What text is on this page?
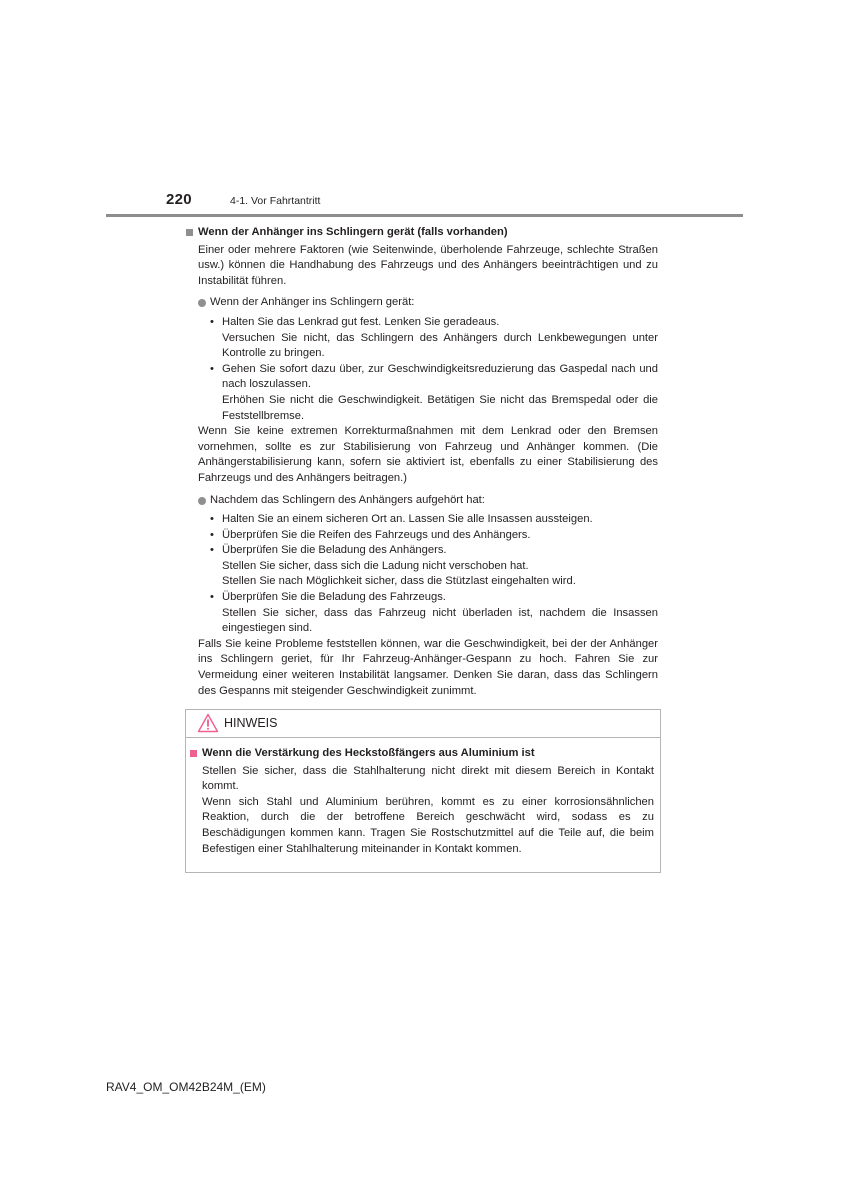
220	4-1. Vor Fahrtantritt

Wenn der Anhänger ins Schlingern gerät (falls vorhanden)

Einer oder mehrere Faktoren (wie Seitenwinde, überholende Fahrzeuge, schlechte Straßen usw.) können die Handhabung des Fahrzeugs und des Anhängers beeinträchtigen und zu Instabilität führen.

Wenn der Anhänger ins Schlingern gerät:
• Halten Sie das Lenkrad gut fest. Lenken Sie geradeaus.
Versuchen Sie nicht, das Schlingern des Anhängers durch Lenkbewegungen unter Kontrolle zu bringen.
• Gehen Sie sofort dazu über, zur Geschwindigkeitsreduzierung das Gaspedal nach und nach loszulassen.
Erhöhen Sie nicht die Geschwindigkeit. Betätigen Sie nicht das Bremspedal oder die Feststellbremse.

Wenn Sie keine extremen Korrekturmaßnahmen mit dem Lenkrad oder den Bremsen vornehmen, sollte es zur Stabilisierung von Fahrzeug und Anhänger kommen. (Die Anhängerstabilisierung kann, sofern sie aktiviert ist, ebenfalls zu einer Stabilisierung des Fahrzeugs und des Anhängers beitragen.)

Nachdem das Schlingern des Anhängers aufgehört hat:
• Halten Sie an einem sicheren Ort an. Lassen Sie alle Insassen aussteigen.
• Überprüfen Sie die Reifen des Fahrzeugs und des Anhängers.
• Überprüfen Sie die Beladung des Anhängers.
Stellen Sie sicher, dass sich die Ladung nicht verschoben hat.
Stellen Sie nach Möglichkeit sicher, dass die Stützlast eingehalten wird.
• Überprüfen Sie die Beladung des Fahrzeugs.
Stellen Sie sicher, dass das Fahrzeug nicht überladen ist, nachdem die Insassen eingestiegen sind.

Falls Sie keine Probleme feststellen können, war die Geschwindigkeit, bei der der Anhänger ins Schlingern geriet, für Ihr Fahrzeug-Anhänger-Gespann zu hoch. Fahren Sie zur Vermeidung einer weiteren Instabilität langsamer. Denken Sie daran, dass das Schlingern des Gespanns mit steigender Geschwindigkeit zunimmt.

HINWEIS

Wenn die Verstärkung des Heckstoßfängers aus Aluminium ist

Stellen Sie sicher, dass die Stahlhalterung nicht direkt mit diesem Bereich in Kontakt kommt.

Wenn sich Stahl und Aluminium berühren, kommt es zu einer korrosionsähnlichen Reaktion, durch die der betroffene Bereich geschwächt wird, sodass es zu Beschädigungen kommen kann. Tragen Sie Rostschutzmittel auf die Teile auf, die beim Befestigen einer Stahlhalterung miteinander in Kontakt kommen.

RAV4_OM_OM42B24M_(EM)
